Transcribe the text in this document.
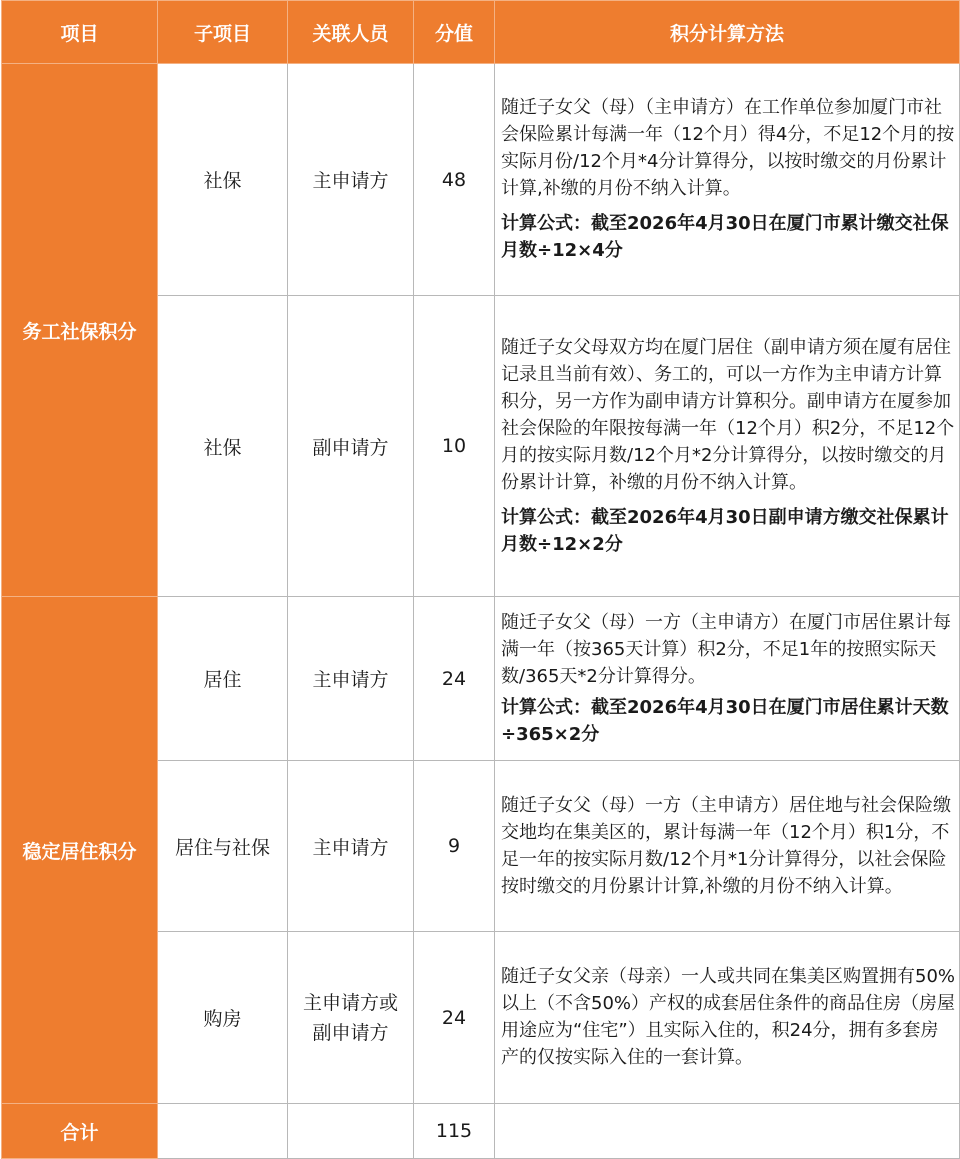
项目	子项目	关联人员	分值	积分计算方法
务工社保积分	社保	主申请方	48	随迁子女父（母）（主申请方）在工作单位参加厦门市社会保险累计每满一年（12个月）得4分，不足12个月的按实际月份/12个月*4分计算得分，以按时缴交的月份累计计算,补缴的月份不纳入计算。

计算公式：截至2026年4月30日在厦门市累计缴交社保月数÷12×4分

	社保	副申请方	10	随迁子女父母双方均在厦门居住（副申请方须在厦有居住记录且当前有效）、务工的，可以一方作为主申请方计算积分，另一方作为副申请方计算积分。副申请方在厦参加社会保险的年限按每满一年（12个月）积2分，不足12个月的按实际月数/12个月*2分计算得分，以按时缴交的月份累计计算，补缴的月份不纳入计算。

计算公式：截至2026年4月30日副申请方缴交社保累计月数÷12×2分

稳定居住积分	居住	主申请方	24	随迁子女父（母）一方（主申请方）在厦门市居住累计每满一年（按365天计算）积2分，不足1年的按照实际天数/365天*2分计算得分。

计算公式：截至2026年4月30日在厦门市居住累计天数÷365×2分

	居住与社保	主申请方	9	随迁子女父（母）一方（主申请方）居住地与社会保险缴交地均在集美区的，累计每满一年（12个月）积1分，不足一年的按实际月数/12个月*1分计算得分，以社会保险按时缴交的月份累计计算,补缴的月份不纳入计算。

	购房	主申请方或
副申请方	24	随迁子女父亲（母亲）一人或共同在集美区购置拥有50%以上（不含50%）产权的成套居住条件的商品住房（房屋用途应为“住宅”）且实际入住的，积24分，拥有多套房产的仅按实际入住的一套计算。

合计			115	
